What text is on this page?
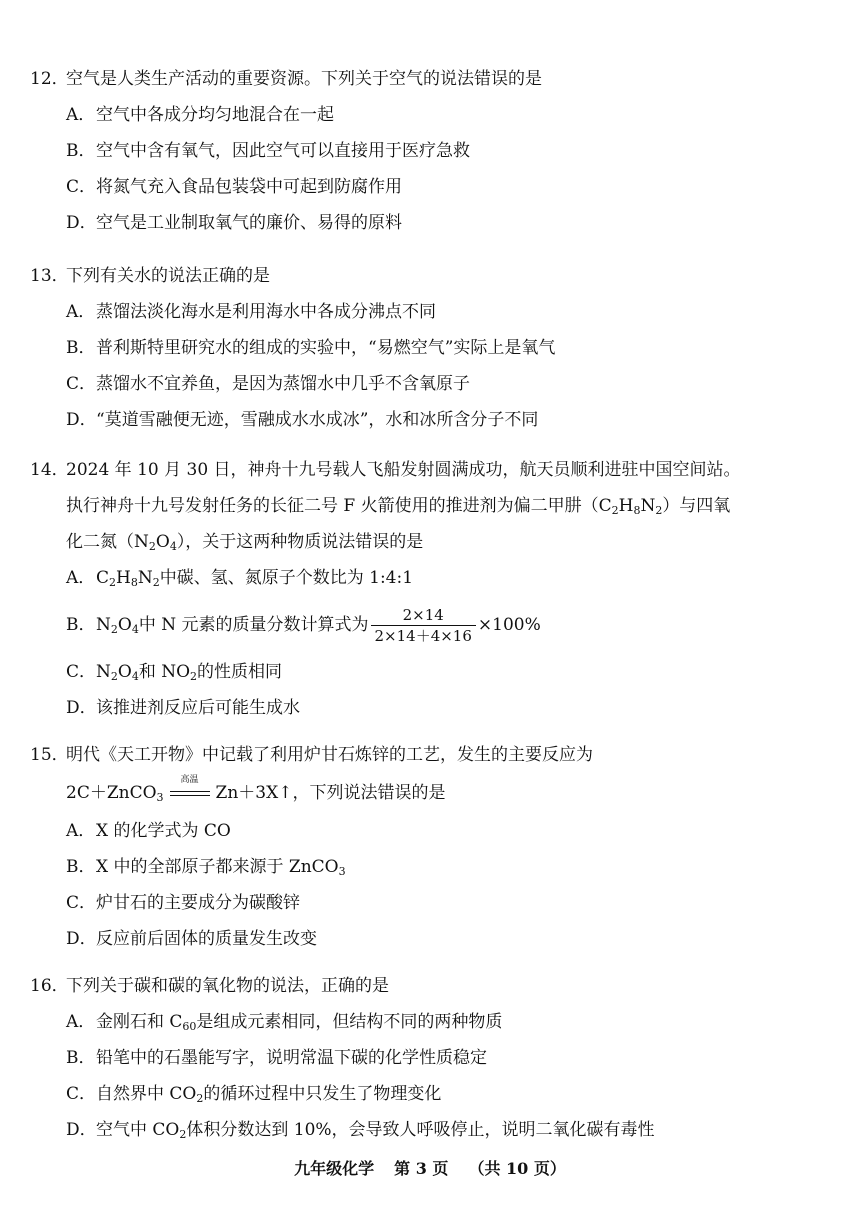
12．空气是人类生产活动的重要资源。下列关于空气的说法错误的是
A．空气中各成分均匀地混合在一起
B．空气中含有氧气，因此空气可以直接用于医疗急救
C．将氮气充入食品包装袋中可起到防腐作用
D．空气是工业制取氧气的廉价、易得的原料
13．下列有关水的说法正确的是
A．蒸馏法淡化海水是利用海水中各成分沸点不同
B．普利斯特里研究水的组成的实验中，“易燃空气”实际上是氧气
C．蒸馏水不宜养鱼，是因为蒸馏水中几乎不含氧原子
D．“莫道雪融便无迹，雪融成水水成冰”，水和冰所含分子不同
14．2024 年 10 月 30 日，神舟十九号载人飞船发射圆满成功，航天员顺利进驻中国空间站。
执行神舟十九号发射任务的长征二号 F 火箭使用的推进剂为偏二甲肼$(C_2H_8N_2)$与四氧
化二氮$(N_2O_4)$，关于这两种物质说法错误的是
A．$C_2H_8N_2$中碳、氢、氮原子个数比为 1:4:1
B．$N_2O_4$中 N 元素的质量分数计算式为 $\frac{2\times 14}{2\times 14+4\times 16} \times 100\%$
C．$N_2O_4$和 $NO_2$的性质相同
D．该推进剂反应后可能生成水
15．明代《天工开物》中记载了利用炉甘石炼锌的工艺，发生的主要反应为
2C＋ZnCO$_3$
高温
Zn＋3X↑，下列说法错误的是
A．X 的化学式为 CO
B．X 中的全部原子都来源于 ZnCO$_3$
C．炉甘石的主要成分为碳酸锌
D．反应前后固体的质量发生改变
16．下列关于碳和碳的氧化物的说法，正确的是
A．金刚石和 $C_{60}$是组成元素相同，但结构不同的两种物质
B．铅笔中的石墨能写字，说明常温下碳的化学性质稳定
C．自然界中 $CO_2$的循环过程中只发生了物理变化
D．空气中 $CO_2$体积分数达到 10%，会导致人呼吸停止，说明二氧化碳有毒性
九年级化学 第 3 页 （共 10 页）
